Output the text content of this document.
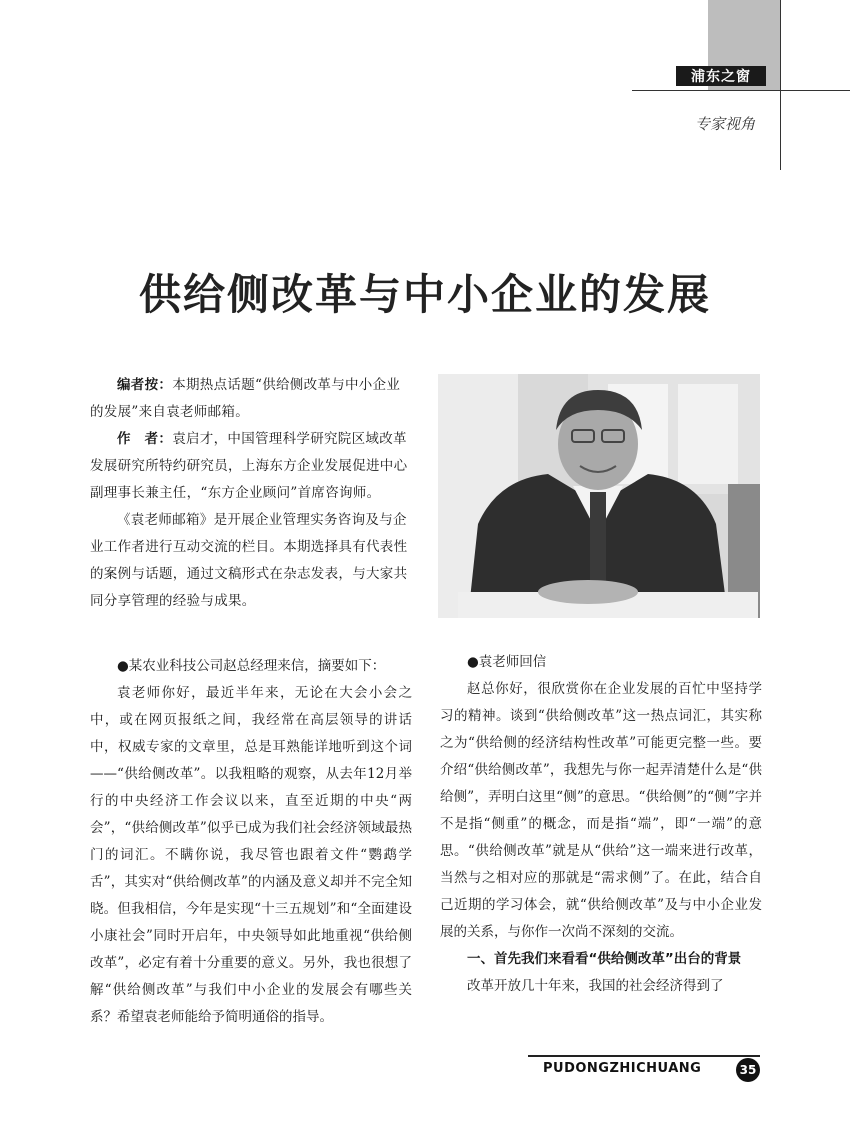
浦东之窗
专家视角
供给侧改革与中小企业的发展

编者按：本期热点话题“供给侧改革与中小企业的发展”来自袁老师邮箱。

作　者：袁启才，中国管理科学研究院区域改革发展研究所特约研究员，上海东方企业发展促进中心副理事长兼主任，“东方企业顾问”首席咨询师。

《袁老师邮箱》是开展企业管理实务咨询及与企业工作者进行互动交流的栏目。本期选择具有代表性的案例与话题，通过文稿形式在杂志发表，与大家共同分享管理的经验与成果。

●某农业科技公司赵总经理来信，摘要如下：

袁老师你好，最近半年来，无论在大会小会之中，或在网页报纸之间，我经常在高层领导的讲话中，权威专家的文章里，总是耳熟能详地听到这个词——“供给侧改革”。以我粗略的观察，从去年12月举行的中央经济工作会议以来，直至近期的中央“两会”，“供给侧改革”似乎已成为我们社会经济领域最热门的词汇。不瞒你说，我尽管也跟着文件“鹦鹉学舌”，其实对“供给侧改革”的内涵及意义却并不完全知晓。但我相信，今年是实现“十三五规划”和“全面建设小康社会”同时开启年，中央领导如此地重视“供给侧改革”，必定有着十分重要的意义。另外，我也很想了解“供给侧改革”与我们中小企业的发展会有哪些关系？希望袁老师能给予简明通俗的指导。

●袁老师回信

赵总你好，很欣赏你在企业发展的百忙中坚持学习的精神。谈到“供给侧改革”这一热点词汇，其实称之为“供给侧的经济结构性改革”可能更完整一些。要介绍“供给侧改革”，我想先与你一起弄清楚什么是“供给侧”，弄明白这里“侧”的意思。“供给侧”的“侧”字并不是指“侧重”的概念，而是指“端”，即“一端”的意思。“供给侧改革”就是从“供给”这一端来进行改革，当然与之相对应的那就是“需求侧”了。在此，结合自己近期的学习体会，就“供给侧改革”及与中小企业发展的关系，与你作一次尚不深刻的交流。

一、首先我们来看看“供给侧改革”出台的背景

改革开放几十年来，我国的社会经济得到了

PUDONGZHICHUANG	35
